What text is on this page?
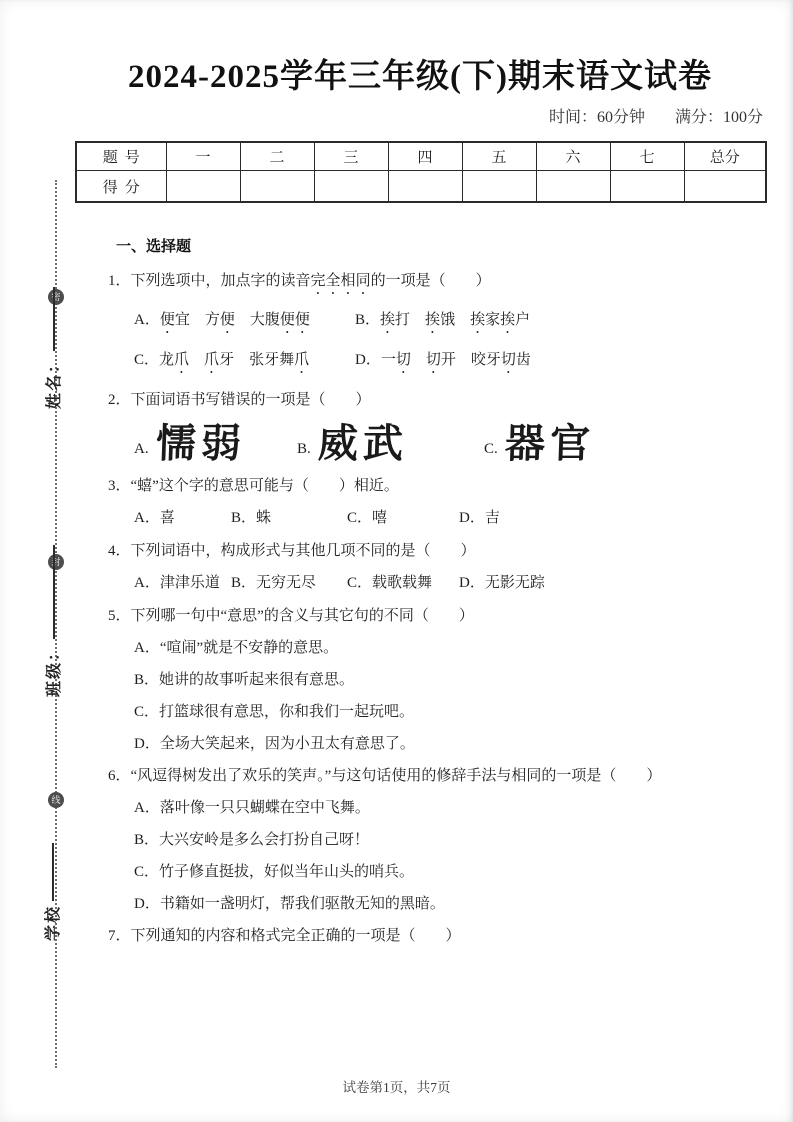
密
封
线
姓名：
班级：
学校
2024-2025学年三年级(下)期末语文试卷
时间：60分钟 满分：100分
题号	一	二	三	四	五	六	七	总分
得分								
一、选择题
1．下列选项中，加点字的读音完全相同的一项是（　　）
A．便宜　方便　大腹便便	B．挨打　挨饿　挨家挨户
C．龙爪　 爪牙　张牙舞爪	D．一切　 切开　咬牙切齿
2．下面词语书写错误的一项是（　　）
A. 懦弱	B. 威武	C. 器官
3．“蟢”这个字的意思可能与（　　）相近。
A．喜	B．蛛	C．嘻	D．吉
4．下列词语中，构成形式与其他几项不同的是（　　）
A．津津乐道 B．无穷无尽	C．载歌载舞	D．无影无踪
5．下列哪一句中“意思”的含义与其它句的不同（　　）
A．“喧闹”就是不安静的意思。
B．她讲的故事听起来很有意思。
C．打篮球很有意思，你和我们一起玩吧。
D．全场大笑起来，因为小丑太有意思了。
6．“风逗得树发出了欢乐的笑声。”与这句话使用的修辞手法与相同的一项是（　　）
A．落叶像一只只蝴蝶在空中飞舞。
B．大兴安岭是多么会打扮自己呀！
C．竹子修直挺拔，好似当年山头的哨兵。
D．书籍如一盏明灯，帮我们驱散无知的黑暗。
7．下列通知的内容和格式完全正确的一项是（　　）
试卷第1页，共7页
